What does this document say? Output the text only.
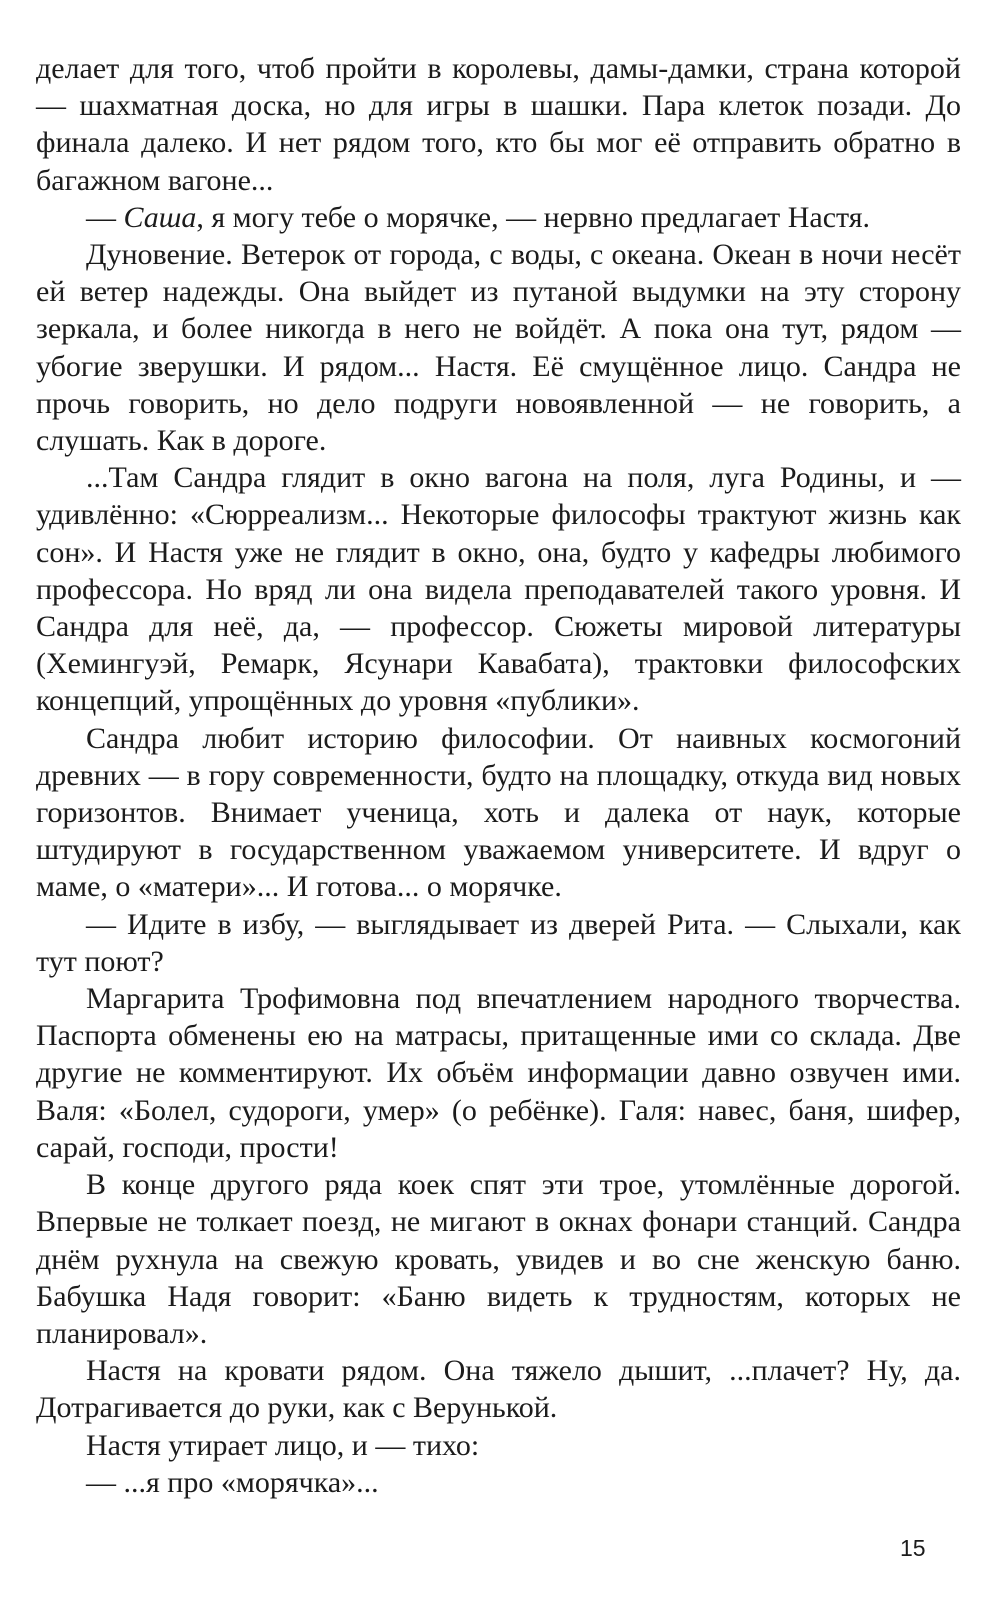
делает для того, чтоб пройти в королевы, дамы-дамки, страна которой — шахматная доска, но для игры в шашки. Пара клеток позади. До финала далеко. И нет рядом того, кто бы мог её отправить обратно в багажном вагоне...

— Саша, я могу тебе о морячке, — нервно предлагает Настя.

Дуновение. Ветерок от города, с воды, с океана. Океан в ночи несёт ей ветер надежды. Она выйдет из путаной выдумки на эту сторону зеркала, и более никогда в него не войдёт. А пока она тут, рядом — убогие зверушки. И рядом... Настя. Её смущённое лицо. Сандра не прочь говорить, но дело подруги новоявленной — не говорить, а слушать. Как в дороге.

...Там Сандра глядит в окно вагона на поля, луга Родины, и — удивлённо: «Сюрреализм... Некоторые философы трактуют жизнь как сон». И Настя уже не глядит в окно, она, будто у кафедры любимого профессора. Но вряд ли она видела преподавателей такого уровня. И Сандра для неё, да, — профессор. Сюжеты мировой литературы (Хемингуэй, Ремарк, Ясунари Кавабата), трактовки философских концепций, упрощённых до уровня «публики».

Сандра любит историю философии. От наивных космогоний древних — в гору современности, будто на площадку, откуда вид новых горизонтов. Внимает ученица, хоть и далека от наук, которые штудируют в государственном уважаемом университете. И вдруг о маме, о «матери»... И готова... о морячке.

— Идите в избу, — выглядывает из дверей Рита. — Слыхали, как тут поют?

Маргарита Трофимовна под впечатлением народного творчества. Паспорта обменены ею на матрасы, притащенные ими со склада. Две другие не комментируют. Их объём информации давно озвучен ими. Валя: «Болел, судороги, умер» (о ребёнке). Галя: навес, баня, шифер, сарай, господи, прости!

В конце другого ряда коек спят эти трое, утомлённые дорогой. Впервые не толкает поезд, не мигают в окнах фонари станций. Сандра днём рухнула на свежую кровать, увидев и во сне женскую баню. Бабушка Надя говорит: «Баню видеть к трудностям, которых не планировал».

Настя на кровати рядом. Она тяжело дышит, ...плачет? Ну, да. Дотрагивается до руки, как с Верунькой.

Настя утирает лицо, и — тихо:

— ...я про «морячка»...

15
